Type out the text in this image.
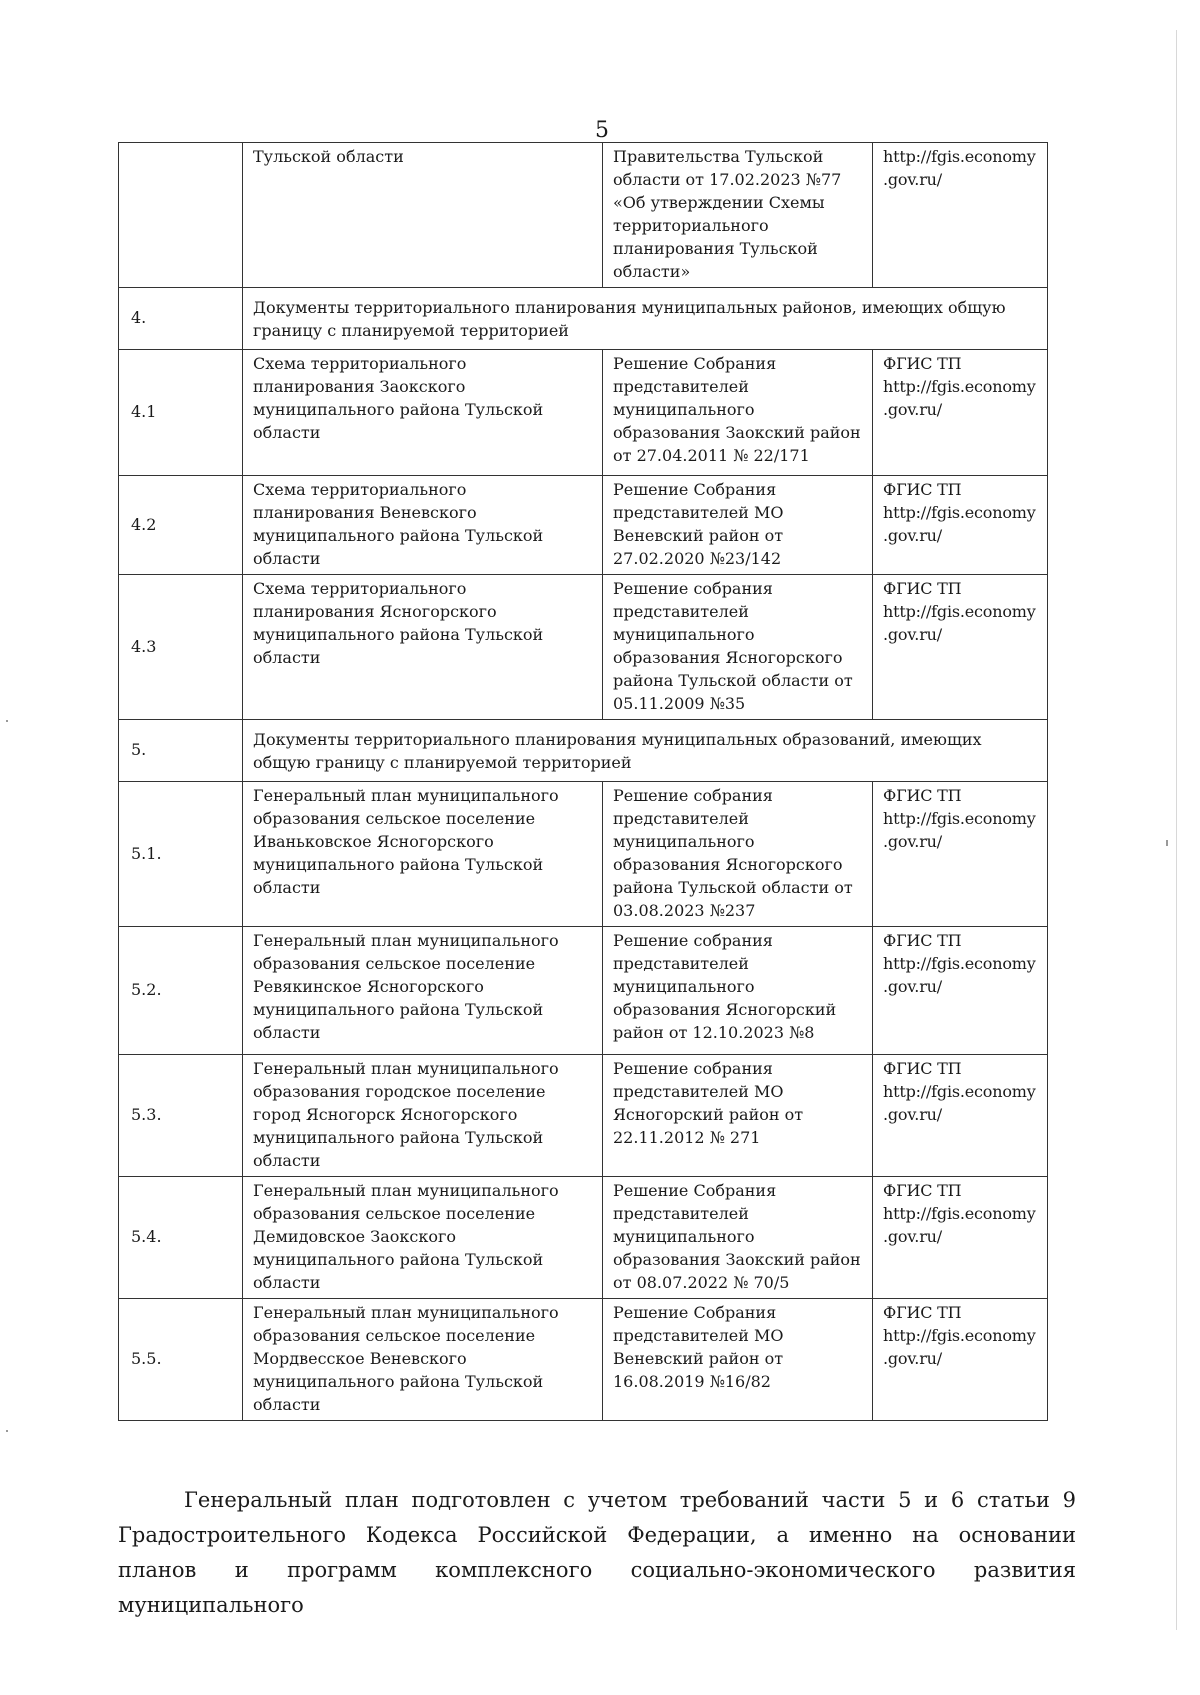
5
	Тульской области	Правительства Тульской области от 17.02.2023 №77 «Об утверждении Схемы территориального планирования Тульской области»	http://fgis.economy.gov.ru/

4.	Документы территориального планирования муниципальных районов, имеющих общую границу с планируемой территорией		
4.1	Схема территориального планирования Заокского муниципального района Тульской области	Решение Собрания представителей муниципального образования Заокский район от 27.04.2011 № 22/171	ФГИС ТП
http://fgis.economy.gov.ru/

4.2	Схема территориального планирования Веневского муниципального района Тульской области	Решение Собрания представителей МО Веневский район от 27.02.2020 №23/142	ФГИС ТП
http://fgis.economy.gov.ru/

4.3	Схема территориального планирования Ясногорского муниципального района Тульской области	Решение собрания представителей муниципального образования Ясногорского района Тульской области от 05.11.2009 №35	ФГИС ТП
http://fgis.economy.gov.ru/

5.	Документы территориального планирования муниципальных образований, имеющих общую границу с планируемой территорией		
5.1.	Генеральный план муниципального образования сельское поселение Иваньковское Ясногорского муниципального района Тульской области	Решение собрания представителей муниципального образования Ясногорского района Тульской области от 03.08.2023 №237	ФГИС ТП
http://fgis.economy.gov.ru/

5.2.	Генеральный план муниципального образования сельское поселение Ревякинское Ясногорского муниципального района Тульской области	Решение собрания представителей муниципального образования Ясногорский район от 12.10.2023 №8	ФГИС ТП
http://fgis.economy.gov.ru/

5.3.	Генеральный план муниципального образования городское поселение город Ясногорск Ясногорского муниципального района Тульской области	Решение собрания представителей МО Ясногорский район от 22.11.2012 № 271	ФГИС ТП
http://fgis.economy.gov.ru/

5.4.	Генеральный план муниципального образования сельское поселение Демидовское Заокского муниципального района Тульской области	Решение Собрания представителей муниципального образования Заокский район от 08.07.2022 № 70/5	ФГИС ТП
http://fgis.economy.gov.ru/

5.5.	Генеральный план муниципального образования сельское поселение Мордвесское Веневского муниципального района Тульской области	Решение Собрания представителей МО Веневский район от 16.08.2019 №16/82	ФГИС ТП
http://fgis.economy.gov.ru/

Генеральный план подготовлен с учетом требований части 5 и 6 статьи 9 Градостроительного Кодекса Российской Федерации, а именно на основании планов и программ комплексного социально-экономического развития муниципального
